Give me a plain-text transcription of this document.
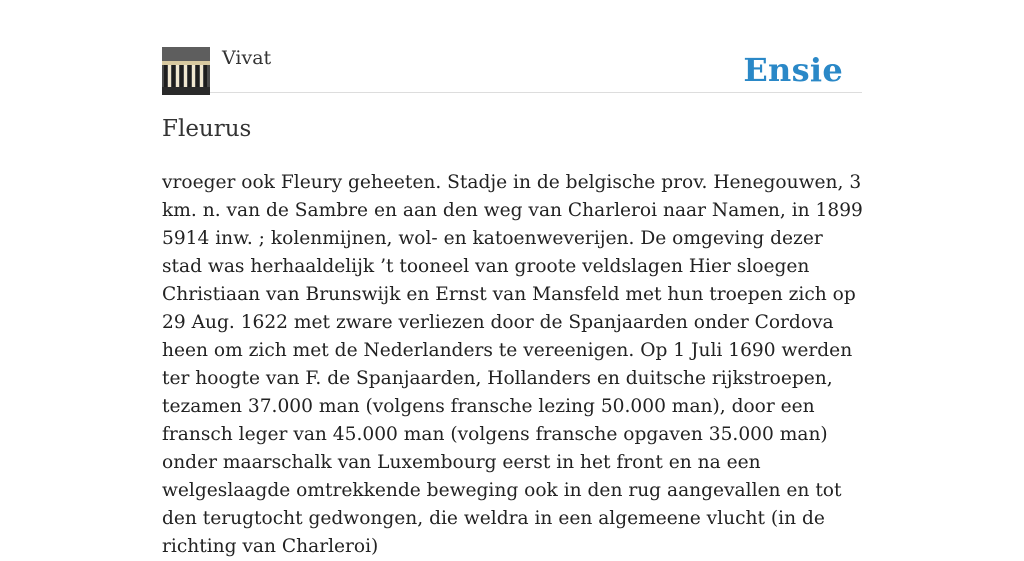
Vivat	Ensie
Fleurus

vroeger ook Fleury geheeten. Stadje in de belgische prov. Henegouwen, 3 km. n. van de Sambre en aan den weg van Charleroi naar Namen, in 1899 5914 inw. ; kolenmijnen, wol- en katoenweverijen. De omgeving dezer stad was herhaaldelijk ’t tooneel van groote veldslagen Hier sloegen Christiaan van Brunswijk en Ernst van Mansfeld met hun troepen zich op 29 Aug. 1622 met zware verliezen door de Spanjaarden onder Cordova heen om zich met de Nederlanders te vereenigen. Op 1 Juli 1690 werden ter hoogte van F. de Spanjaarden, Hollanders en duitsche rijkstroepen, tezamen 37.000 man (volgens fransche lezing 50.000 man), door een fransch leger van 45.000 man (volgens fransche opgaven 35.000 man) onder maarschalk van Luxembourg eerst in het front en na een welgeslaagde omtrekkende beweging ook in den rug aangevallen en tot den terugtocht gedwongen, die weldra in een algemeene vlucht (in de richting van Charleroi)
